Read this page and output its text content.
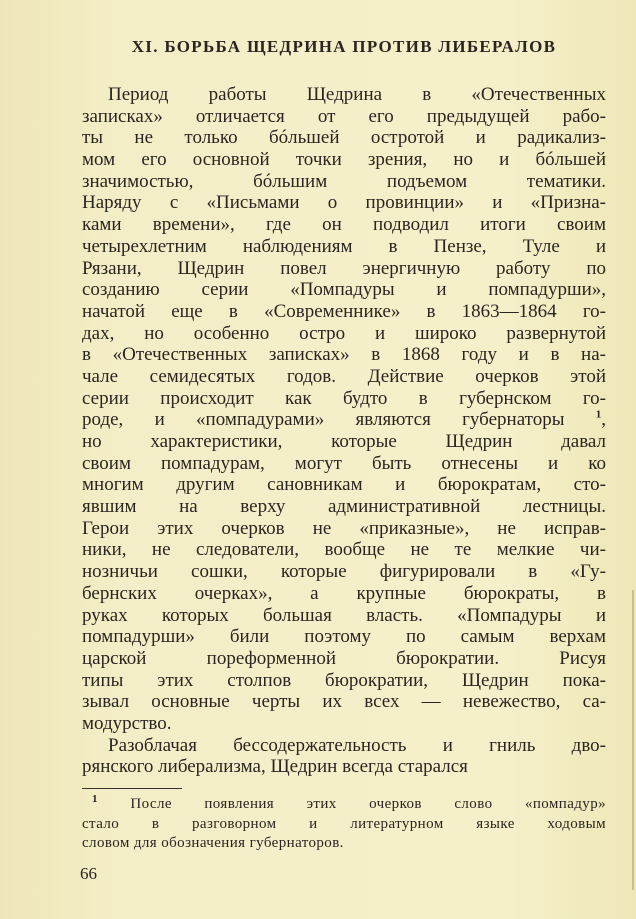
XI. БОРЬБА ЩЕДРИНА ПРОТИВ ЛИБЕРАЛОВ
Период работы Щедрина в «Отечественных
записках» отличается от его предыдущей рабо-
ты не только бóльшей остротой и радикализ-
мом его основной точки зрения, но и бóльшей
значимостью, бóльшим подъемом тематики.
Наряду с «Письмами о провинции» и «Призна-
ками времени», где он подводил итоги своим
четырехлетним наблюдениям в Пензе, Туле и
Рязани, Щедрин повел энергичную работу по
созданию серии «Помпадуры и помпадурши»,
начатой еще в «Современнике» в 1863—1864 го-
дах, но особенно остро и широко развернутой
в «Отечественных записках» в 1868 году и в на-
чале семидесятых годов. Действие очерков этой
серии происходит как будто в губернском го-
роде, и «помпадурами» являются губернаторы	$^1$,
но характеристики, которые Щедрин давал
своим помпадурам, могут быть отнесены и ко
многим другим сановникам и бюрократам, сто-
явшим на верху административной лестницы.
Герои этих очерков не «приказные», не исправ-
ники, не следователи, вообще не те мелкие чи-
нозничьи сошки, которые фигурировали в «Гу-
бернских очерках», а крупные бюрократы, в
руках которых большая власть. «Помпадуры и
помпадурши» били поэтому по самым верхам
царской пореформенной бюрократии. Рисуя
типы этих столпов бюрократии, Щедрин пока-
зывал основные черты их всех — невежество, са-
модурство.
Разоблачая бессодержательность и гниль дво-
рянского либерализма, Щедрин всегда старался
$^1$ После появления этих очерков слово «помпадур»
стало в разговорном и литературном языке ходовым
словом для обозначения губернаторов.
66
